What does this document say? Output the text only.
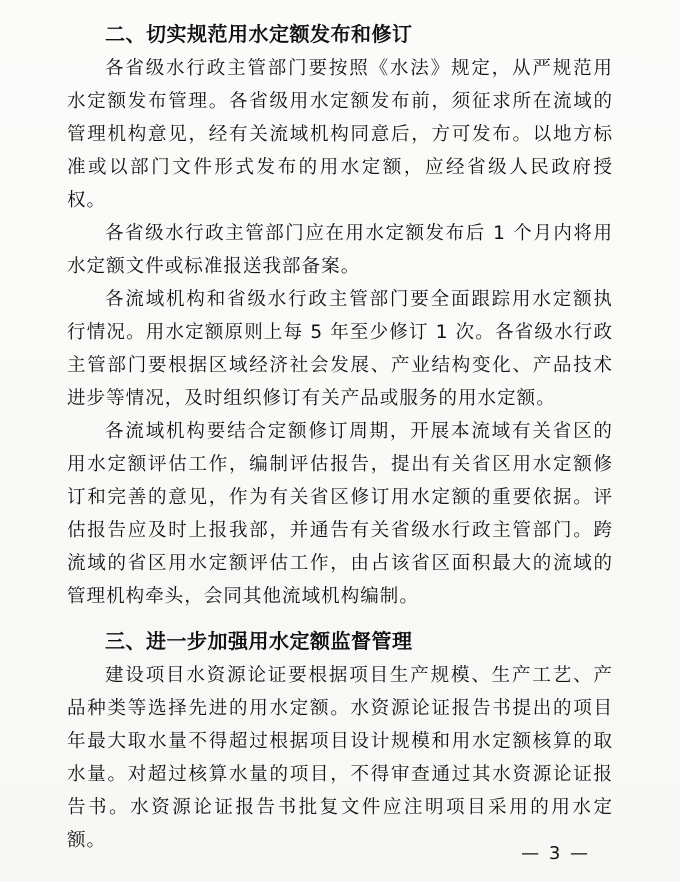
二、切实规范用水定额发布和修订

各省级水行政主管部门要按照《水法》规定，从严规范用水定额发布管理。各省级用水定额发布前，须征求所在流域的管理机构意见，经有关流域机构同意后，方可发布。以地方标准或以部门文件形式发布的用水定额，应经省级人民政府授权。

各省级水行政主管部门应在用水定额发布后 1 个月内将用水定额文件或标准报送我部备案。

各流域机构和省级水行政主管部门要全面跟踪用水定额执行情况。用水定额原则上每 5 年至少修订 1 次。各省级水行政主管部门要根据区域经济社会发展、产业结构变化、产品技术进步等情况，及时组织修订有关产品或服务的用水定额。

各流域机构要结合定额修订周期，开展本流域有关省区的用水定额评估工作，编制评估报告，提出有关省区用水定额修订和完善的意见，作为有关省区修订用水定额的重要依据。评估报告应及时上报我部，并通告有关省级水行政主管部门。跨流域的省区用水定额评估工作，由占该省区面积最大的流域的管理机构牵头，会同其他流域机构编制。

三、进一步加强用水定额监督管理

建设项目水资源论证要根据项目生产规模、生产工艺、产品种类等选择先进的用水定额。水资源论证报告书提出的项目年最大取水量不得超过根据项目设计规模和用水定额核算的取水量。对超过核算水量的项目，不得审查通过其水资源论证报告书。水资源论证报告书批复文件应注明项目采用的用水定额。

— 3 —
